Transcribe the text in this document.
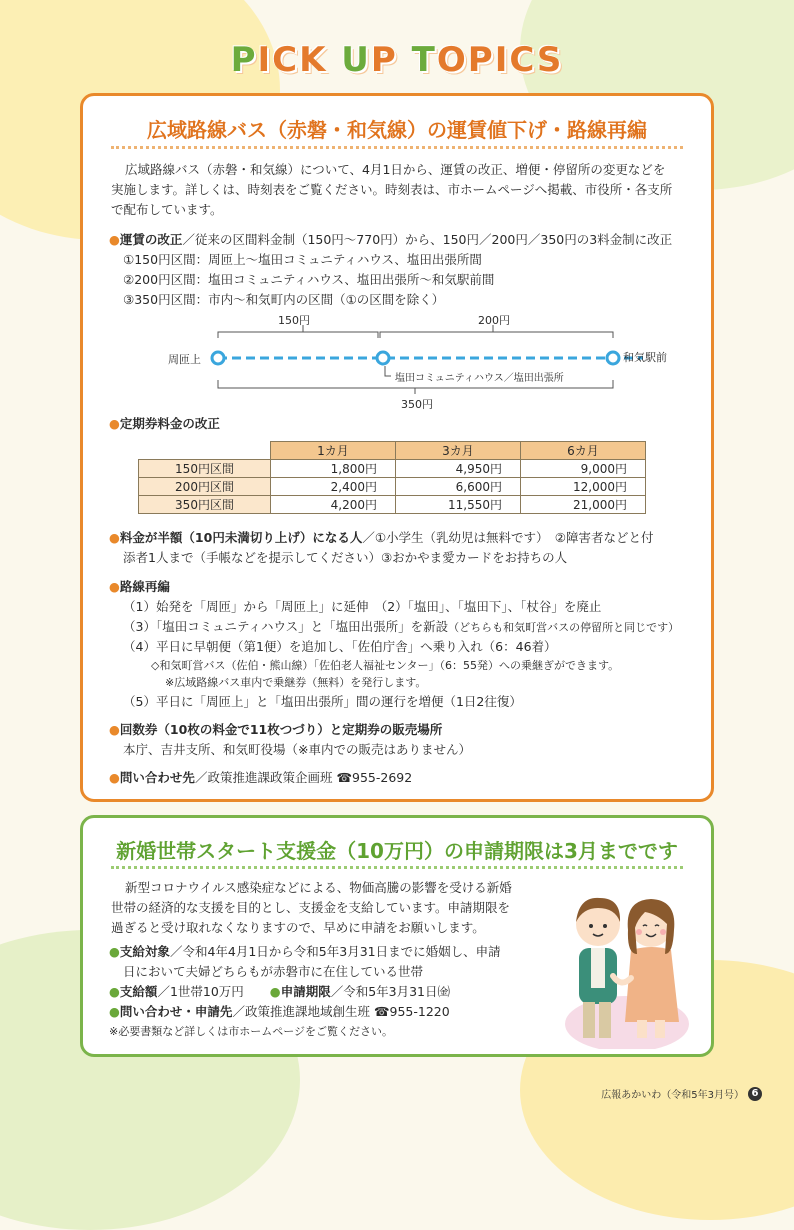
PICK UP TOPICS
広域路線バス（赤磐・和気線）の運賃値下げ・路線再編
広域路線バス（赤磐・和気線）について、4月1日から、運賃の改正、増便・停留所の変更などを
実施します。詳しくは、時刻表をご覧ください。時刻表は、市ホームページへ掲載、市役所・各支所
で配布しています。
●運賃の改正／従来の区間料金制（150円～770円）から、150円／200円／350円の3料金制に改正
①150円区間：周匝上～塩田コミュニティハウス、塩田出張所間
②200円区間：塩田コミュニティハウス、塩田出張所～和気駅前間
③350円区間：市内～和気町内の区間（①の区間を除く）
150円	200円
周匝上
塩田コミュニティハウス／塩田出張所
350円
和気駅前
●定期券料金の改正
	1カ月	3カ月	6カ月
150円区間	1,800円	4,950円	9,000円
200円区間	2,400円	6,600円	12,000円
350円区間	4,200円	11,550円	21,000円
●料金が半額（10円未満切り上げ）になる人／①小学生（乳幼児は無料です）　②障害者などと付
添者1人まで（手帳などを提示してください）③おかやま愛カードをお持ちの人
●路線再編
（1）始発を「周匝」から「周匝上」に延伸　（2）「塩田」、「塩田下」、「杖谷」を廃止
（3）「塩田コミュニティハウス」と「塩田出張所」を新設（どちらも和気町営バスの停留所と同じです）
（4）平日に早朝便（第1便）を追加し、「佐伯庁舎」へ乗り入れ（6：46着）
◇和気町営バス（佐伯・熊山線）「佐伯老人福祉センター」（6：55発）への乗継ぎができます。
※広域路線バス車内で乗継券（無料）を発行します。
（5）平日に「周匝上」と「塩田出張所」間の運行を増便（1日2往復）
●回数券（10枚の料金で11枚つづり）と定期券の販売場所
本庁、吉井支所、和気町役場（※車内での販売はありません）
●問い合わせ先／政策推進課政策企画班 ☎955-2692
新婚世帯スタート支援金（10万円）の申請期限は3月までです
新型コロナウイルス感染症などによる、物価高騰の影響を受ける新婚
世帯の経済的な支援を目的とし、支援金を支給しています。申請期限を
過ぎると受け取れなくなりますので、早めに申請をお願いします。
●支給対象／令和4年4月1日から令和5年3月31日までに婚姻し、申請
日において夫婦どちらもが赤磐市に在住している世帯
●支給額／1世帯10万円 ●申請期限／令和5年3月31日㈮
●問い合わせ・申請先／政策推進課地域創生班 ☎955-1220
※必要書類など詳しくは市ホームページをご覧ください。
広報あかいわ（令和5年3月号） 6
